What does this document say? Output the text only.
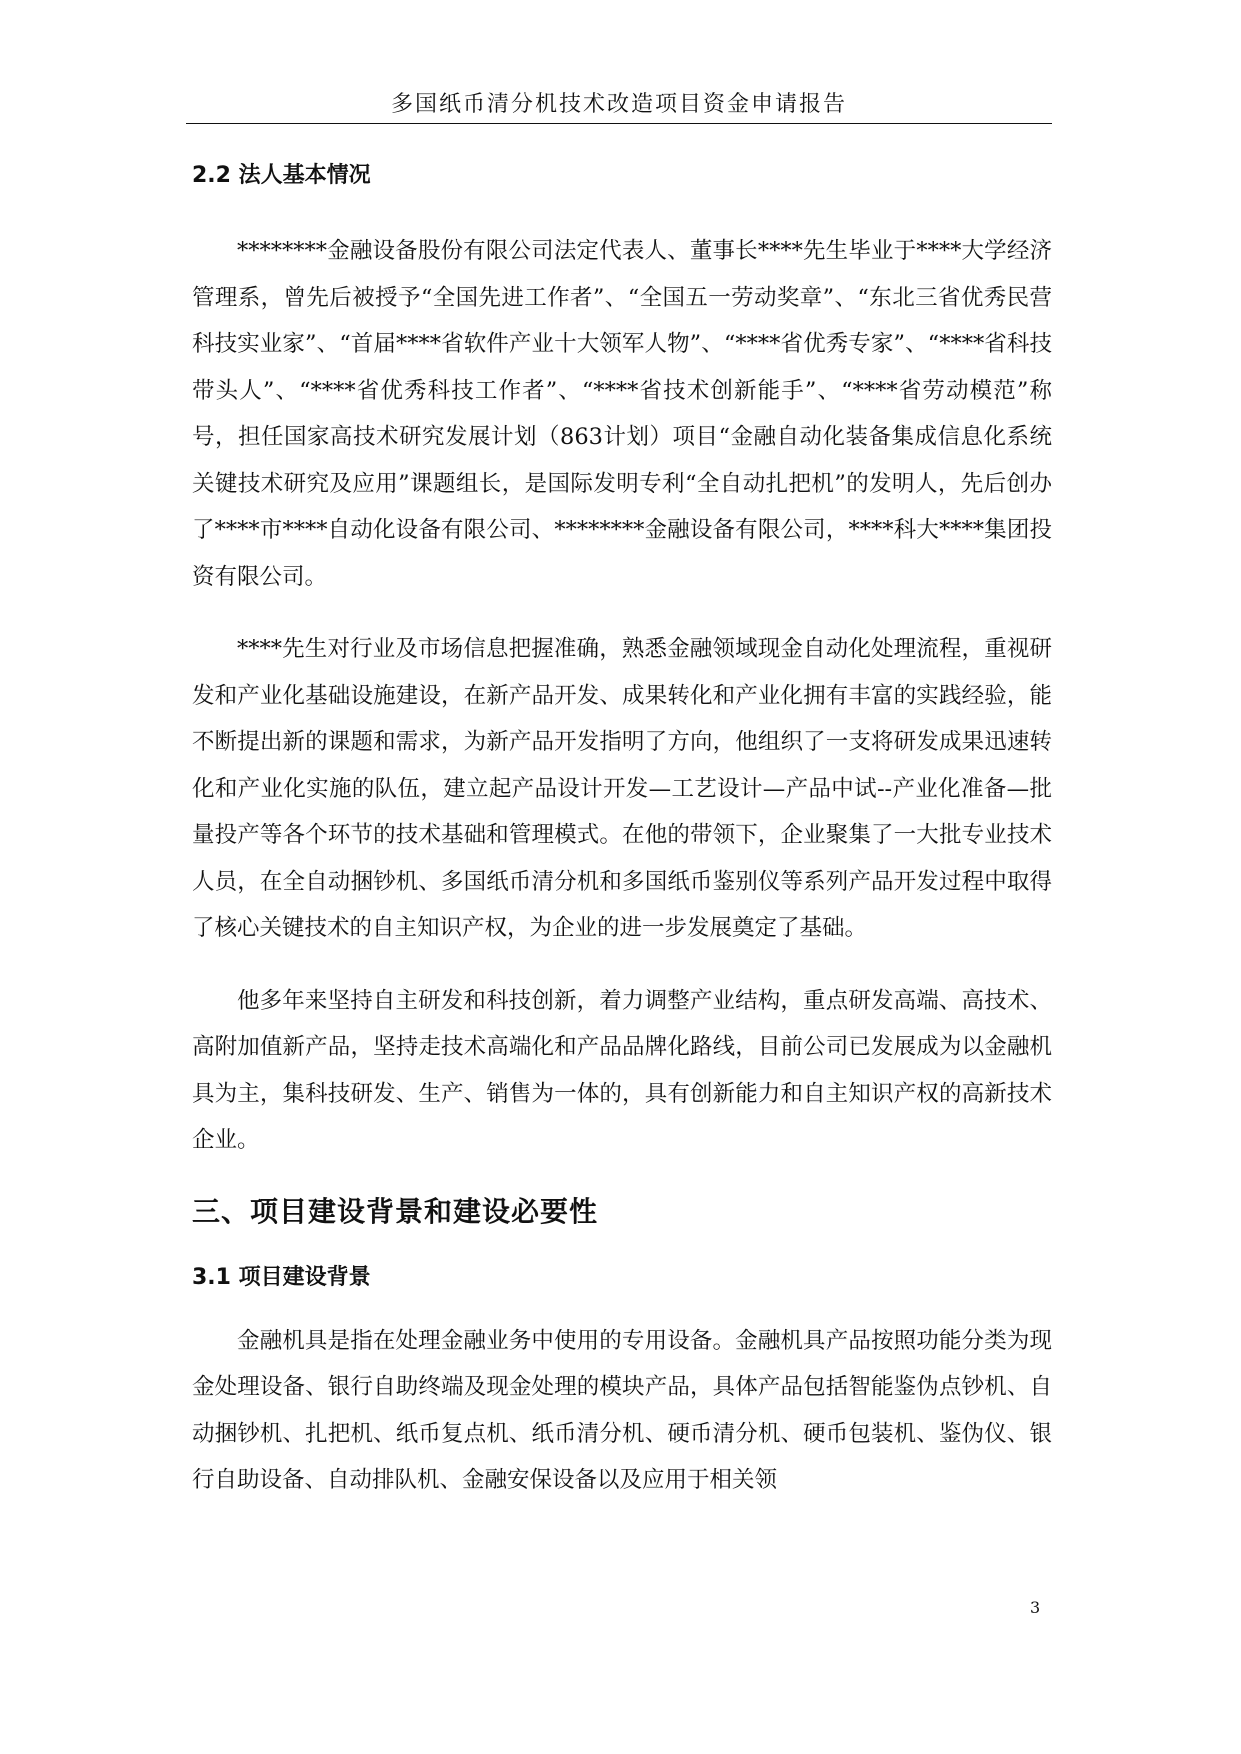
多国纸币清分机技术改造项目资金申请报告

2.2 法人基本情况

********金融设备股份有限公司法定代表人、董事长****先生毕业于****大学经济管理系，曾先后被授予“全国先进工作者”、“全国五一劳动奖章”、“东北三省优秀民营科技实业家”、“首届****省软件产业十大领军人物”、“****省优秀专家”、“****省科技带头人”、“****省优秀科技工作者”、“****省技术创新能手”、“****省劳动模范”称号，担任国家高技术研究发展计划（863计划）项目“金融自动化装备集成信息化系统关键技术研究及应用”课题组长，是国际发明专利“全自动扎把机”的发明人，先后创办了****市****自动化设备有限公司、********金融设备有限公司，****科大****集团投资有限公司。

****先生对行业及市场信息把握准确，熟悉金融领域现金自动化处理流程，重视研发和产业化基础设施建设，在新产品开发、成果转化和产业化拥有丰富的实践经验，能不断提出新的课题和需求，为新产品开发指明了方向，他组织了一支将研发成果迅速转化和产业化实施的队伍，建立起产品设计开发—工艺设计—产品中试--产业化准备—批量投产等各个环节的技术基础和管理模式。在他的带领下，企业聚集了一大批专业技术人员，在全自动捆钞机、多国纸币清分机和多国纸币鉴别仪等系列产品开发过程中取得了核心关键技术的自主知识产权，为企业的进一步发展奠定了基础。

他多年来坚持自主研发和科技创新，着力调整产业结构，重点研发高端、高技术、高附加值新产品，坚持走技术高端化和产品品牌化路线，目前公司已发展成为以金融机具为主，集科技研发、生产、销售为一体的，具有创新能力和自主知识产权的高新技术企业。

三、项目建设背景和建设必要性

3.1 项目建设背景

金融机具是指在处理金融业务中使用的专用设备。金融机具产品按照功能分类为现金处理设备、银行自助终端及现金处理的模块产品，具体产品包括智能鉴伪点钞机、自动捆钞机、扎把机、纸币复点机、纸币清分机、硬币清分机、硬币包装机、鉴伪仪、银行自助设备、自动排队机、金融安保设备以及应用于相关领

3
